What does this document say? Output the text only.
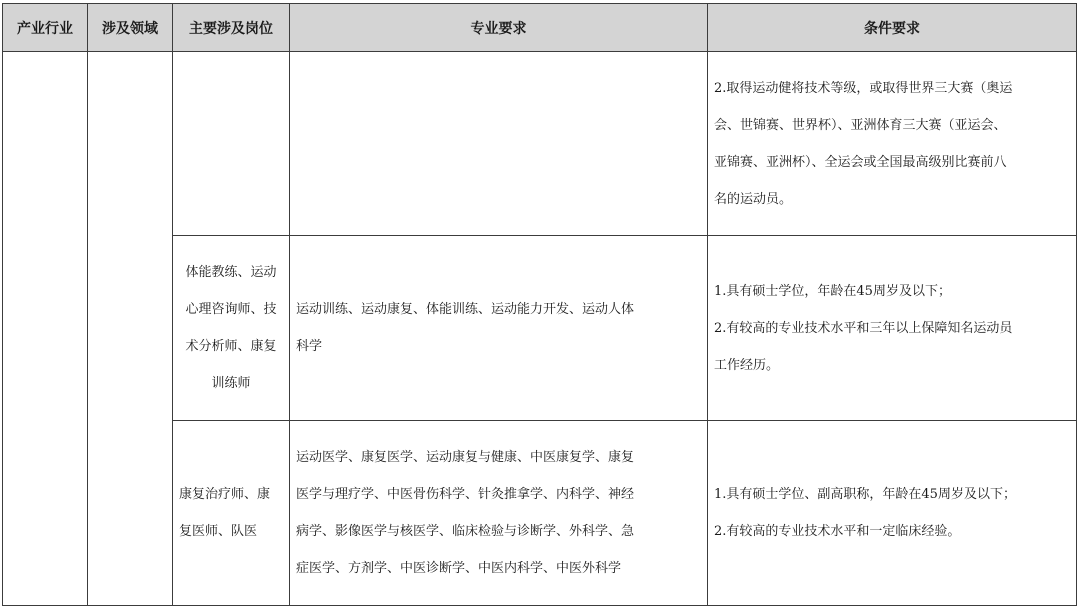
产业行业	涉及领域	主要涉及岗位	专业要求	条件要求

				2.取得运动健将技术等级，或取得世界三大赛（奥运
会、世锦赛、世界杯）、亚洲体育三大赛（亚运会、
亚锦赛、亚洲杯）、全运会或全国最高级别比赛前八
名的运动员。

		体能教练、运动
心理咨询师、技
术分析师、康复
训练师	运动训练、运动康复、体能训练、运动能力开发、运动人体
科学	1.具有硕士学位，年龄在45周岁及以下；
2.有较高的专业技术水平和三年以上保障知名运动员
工作经历。

		康复治疗师、康
复医师、队医	运动医学、康复医学、运动康复与健康、中医康复学、康复
医学与理疗学、中医骨伤科学、针灸推拿学、内科学、神经
病学、影像医学与核医学、临床检验与诊断学、外科学、急
症医学、方剂学、中医诊断学、中医内科学、中医外科学	1.具有硕士学位、副高职称，年龄在45周岁及以下；
2.有较高的专业技术水平和一定临床经验。
